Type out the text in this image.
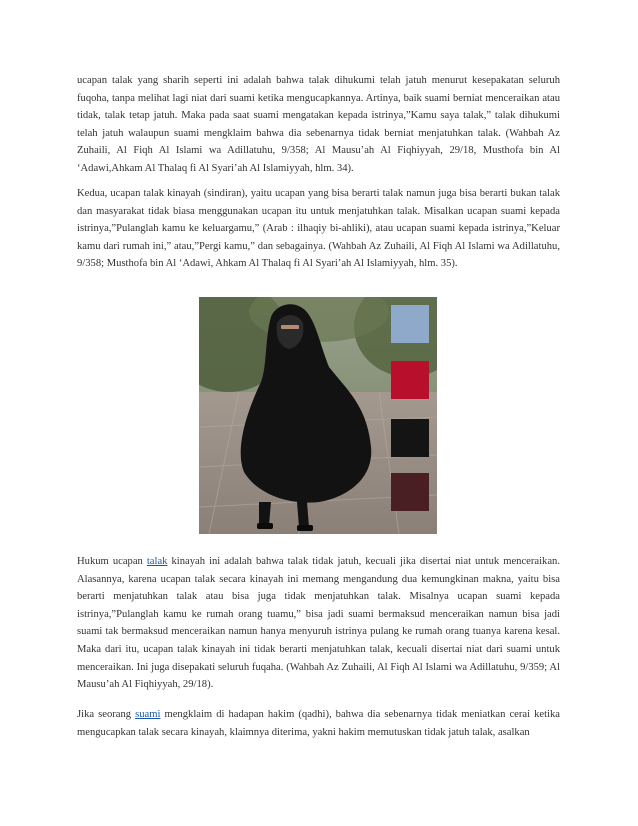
ucapan talak yang sharih seperti ini adalah bahwa talak dihukumi telah jatuh menurut kesepakatan seluruh fuqoha, tanpa melihat lagi niat dari suami ketika mengucapkannya. Artinya, baik suami berniat menceraikan atau tidak, talak tetap jatuh. Maka pada saat suami mengatakan kepada istrinya,”Kamu saya talak,” talak dihukumi telah jatuh walaupun suami mengklaim bahwa dia sebenarnya tidak berniat menjatuhkan talak. (Wahbah Az Zuhaili, Al Fiqh Al Islami wa Adillatuhu, 9/358; Al Mausu’ah Al Fiqhiyyah, 29/18, Musthofa bin Al ‘Adawi,Ahkam Al Thalaq fi Al Syari’ah Al Islamiyyah, hlm. 34).

Kedua, ucapan talak kinayah (sindiran), yaitu ucapan yang bisa berarti talak namun juga bisa berarti bukan talak dan masyarakat tidak biasa menggunakan ucapan itu untuk menjatuhkan talak. Misalkan ucapan suami kepada istrinya,”Pulanglah kamu ke keluargamu,” (Arab : ilhaqiy bi-ahliki), atau ucapan suami kepada istrinya,”Keluar kamu dari rumah ini,” atau,”Pergi kamu,” dan sebagainya. (Wahbah Az Zuhaili, Al Fiqh Al Islami wa Adillatuhu, 9/358; Musthofa bin Al ‘Adawi, Ahkam Al Thalaq fi Al Syari’ah Al Islamiyyah, hlm. 35).

Hukum ucapan talak kinayah ini adalah bahwa talak tidak jatuh, kecuali jika disertai niat untuk menceraikan. Alasannya, karena ucapan talak secara kinayah ini memang mengandung dua kemungkinan makna, yaitu bisa berarti menjatuhkan talak atau bisa juga tidak menjatuhkan talak. Misalnya ucapan suami kepada istrinya,”Pulanglah kamu ke rumah orang tuamu,” bisa jadi suami bermaksud menceraikan namun bisa jadi suami tak bermaksud menceraikan namun hanya menyuruh istrinya pulang ke rumah orang tuanya karena kesal. Maka dari itu, ucapan talak kinayah ini tidak berarti menjatuhkan talak, kecuali disertai niat dari suami untuk menceraikan. Ini juga disepakati seluruh fuqaha. (Wahbah Az Zuhaili, Al Fiqh Al Islami wa Adillatuhu, 9/359; Al Mausu’ah Al Fiqhiyyah, 29/18).

Jika seorang suami mengklaim di hadapan hakim (qadhi), bahwa dia sebenarnya tidak meniatkan cerai ketika mengucapkan talak secara kinayah, klaimnya diterima, yakni hakim memutuskan tidak jatuh talak, asalkan
